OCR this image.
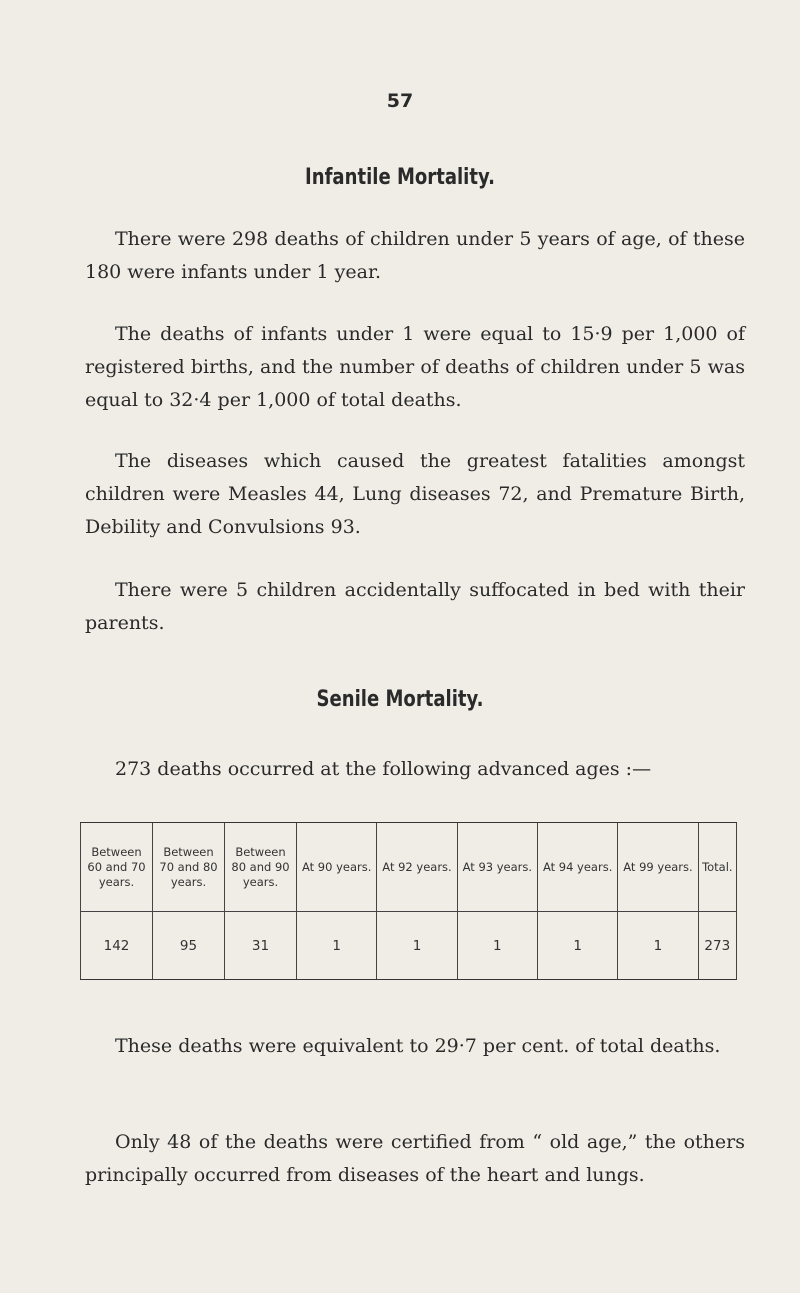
57
Infantile Mortality.

There were 298 deaths of children under 5 years of age, of these 180 were infants under 1 year.

The deaths of infants under 1 were equal to 15·9 per 1,000 of registered births, and the number of deaths of children under 5 was equal to 32·4 per 1,000 of total deaths.

The diseases which caused the greatest fatalities amongst children were Measles 44, Lung diseases 72, and Premature Birth, Debility and Convulsions 93.

There were 5 children accidentally suffocated in bed with their parents.

Senile Mortality.

273 deaths occurred at the following advanced ages :—

Between 60 and 70 years.	Between 70 and 80 years.	Between 80 and 90 years.	At 90 years.	At 92 years.	At 93 years.	At 94 years.	At 99 years.	Total.
142	95	31	1	1	1	1	1	273

These deaths were equivalent to 29·7 per cent. of total deaths.

Only 48 of the deaths were certified from “ old age,” the others principally occurred from diseases of the heart and lungs.
